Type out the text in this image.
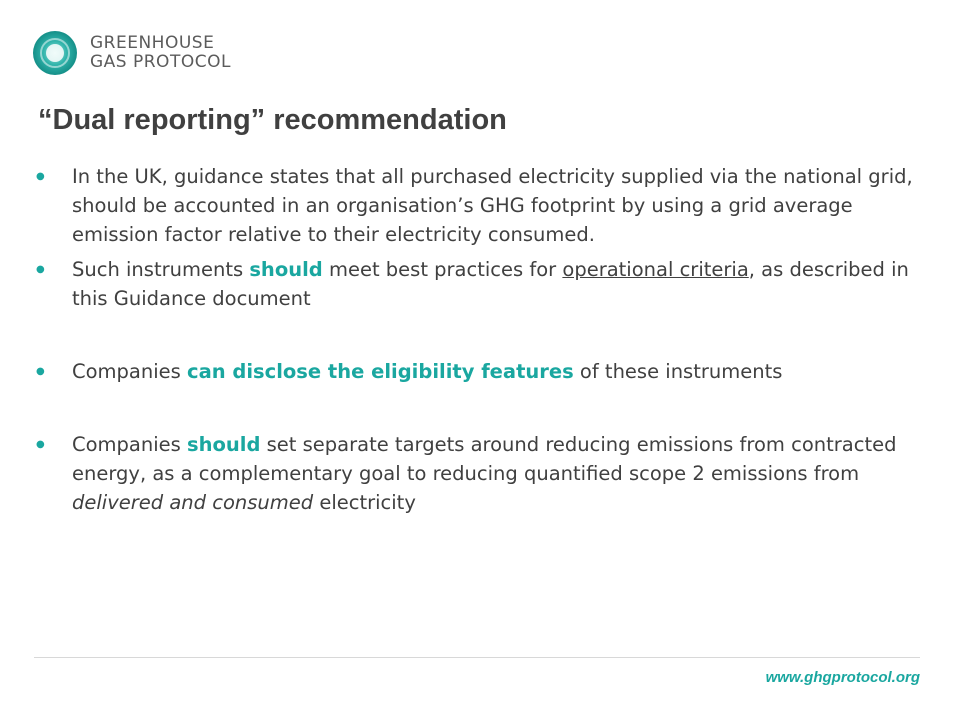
GREENHOUSE
GAS PROTOCOL
“Dual reporting” recommendation
●	In the UK, guidance states that all purchased electricity supplied via the national grid, should be accounted in an organisation’s GHG footprint by using a grid average emission factor relative to their electricity consumed.
●	Such instruments should meet best practices for operational criteria, as described in this Guidance document
●	Companies can disclose the eligibility features of these instruments
●	Companies should set separate targets around reducing emissions from contracted energy, as a complementary goal to reducing quantified scope 2 emissions from delivered and consumed electricity
www.ghgprotocol.org
